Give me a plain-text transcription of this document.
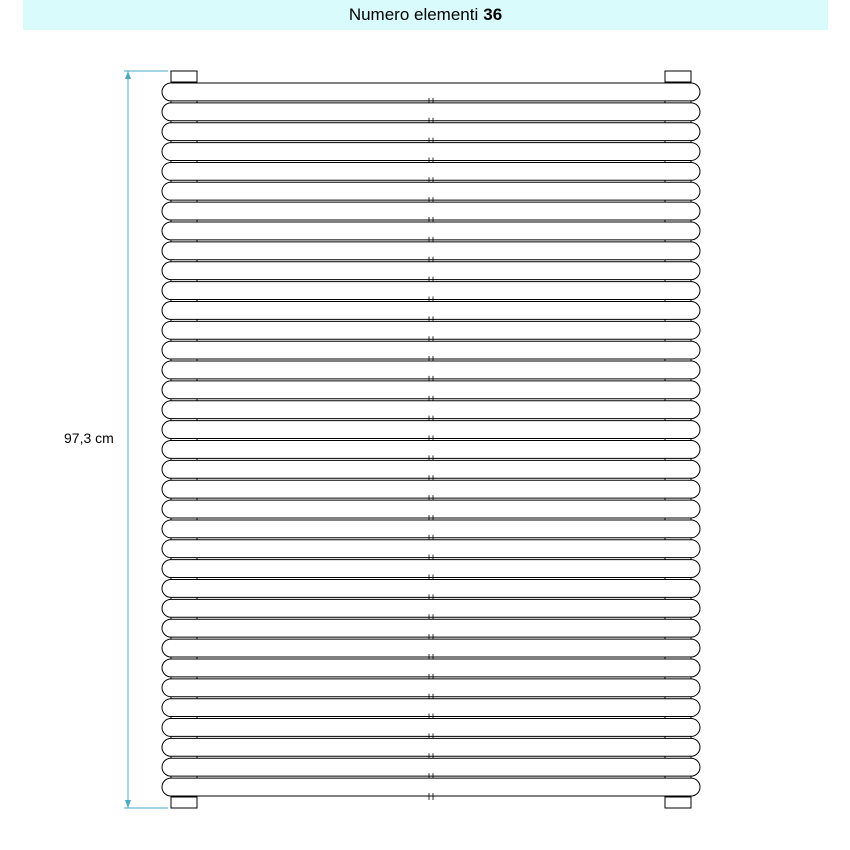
Numero elementi 36
97,3 cm
